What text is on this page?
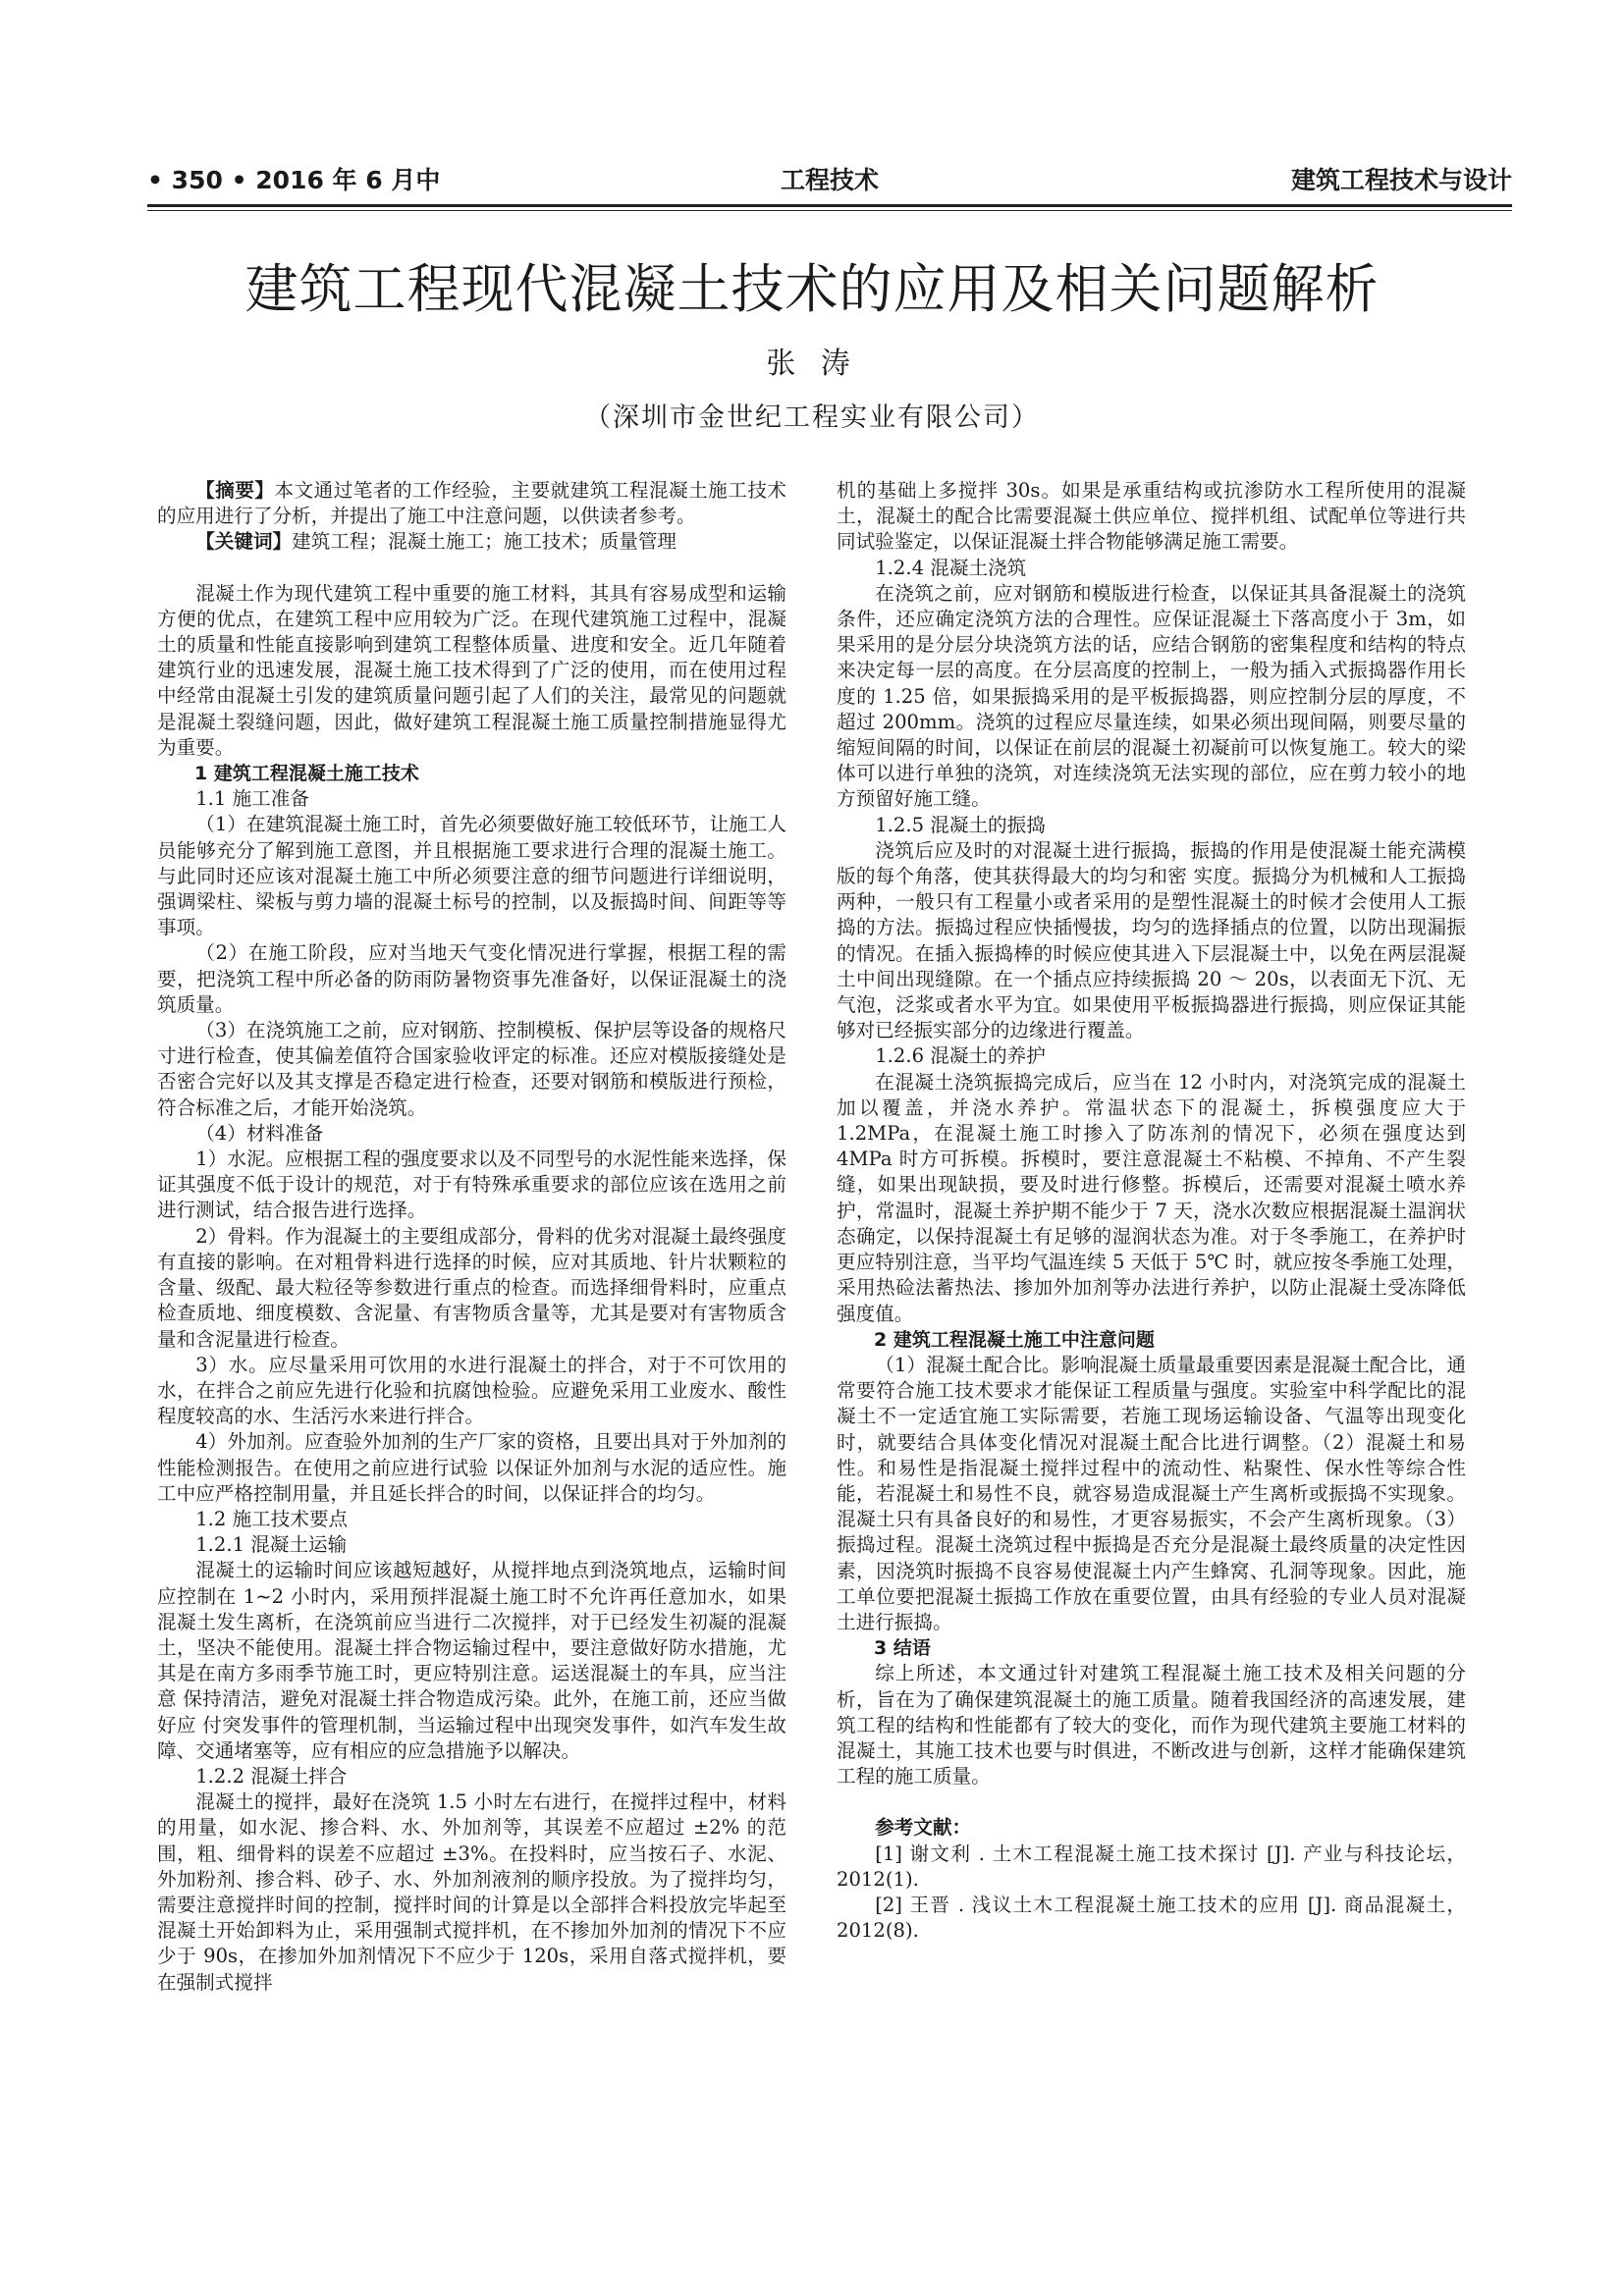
• 350 • 2016 年 6 月中	工程技术	建筑工程技术与设计
建筑工程现代混凝土技术的应用及相关问题解析
张 涛
（深圳市金世纪工程实业有限公司）

【摘要】本文通过笔者的工作经验，主要就建筑工程混凝土施工技术的应用进行了分析，并提出了施工中注意问题，以供读者参考。

【关键词】建筑工程；混凝土施工；施工技术；质量管理

混凝土作为现代建筑工程中重要的施工材料，其具有容易成型和运输方便的优点，在建筑工程中应用较为广泛。在现代建筑施工过程中，混凝土的质量和性能直接影响到建筑工程整体质量、进度和安全。近几年随着建筑行业的迅速发展，混凝土施工技术得到了广泛的使用，而在使用过程中经常由混凝土引发的建筑质量问题引起了人们的关注，最常见的问题就是混凝土裂缝问题，因此，做好建筑工程混凝土施工质量控制措施显得尤为重要。

1 建筑工程混凝土施工技术

1.1 施工准备

（1）在建筑混凝土施工时，首先必须要做好施工较低环节，让施工人员能够充分了解到施工意图，并且根据施工要求进行合理的混凝土施工。与此同时还应该对混凝土施工中所必须要注意的细节问题进行详细说明，强调梁柱、梁板与剪力墙的混凝土标号的控制，以及振捣时间、间距等等事项。

（2）在施工阶段，应对当地天气变化情况进行掌握，根据工程的需要，把浇筑工程中所必备的防雨防暑物资事先准备好，以保证混凝土的浇筑质量。

（3）在浇筑施工之前，应对钢筋、控制模板、保护层等设备的规格尺寸进行检查，使其偏差值符合国家验收评定的标准。还应对模版接缝处是否密合完好以及其支撑是否稳定进行检查，还要对钢筋和模版进行预检，符合标准之后，才能开始浇筑。

（4）材料准备

1）水泥。应根据工程的强度要求以及不同型号的水泥性能来选择，保证其强度不低于设计的规范，对于有特殊承重要求的部位应该在选用之前进行测试，结合报告进行选择。

2）骨料。作为混凝土的主要组成部分，骨料的优劣对混凝土最终强度有直接的影响。在对粗骨料进行选择的时候，应对其质地、针片状颗粒的含量、级配、最大粒径等参数进行重点的检查。而选择细骨料时，应重点检查质地、细度模数、含泥量、有害物质含量等，尤其是要对有害物质含量和含泥量进行检查。

3）水。应尽量采用可饮用的水进行混凝土的拌合，对于不可饮用的水，在拌合之前应先进行化验和抗腐蚀检验。应避免采用工业废水、酸性程度较高的水、生活污水来进行拌合。

4）外加剂。应查验外加剂的生产厂家的资格，且要出具对于外加剂的性能检测报告。在使用之前应进行试验 以保证外加剂与水泥的适应性。施工中应严格控制用量，并且延长拌合的时间，以保证拌合的均匀。

1.2 施工技术要点

1.2.1 混凝土运输

混凝土的运输时间应该越短越好，从搅拌地点到浇筑地点，运输时间应控制在 1~2 小时内，采用预拌混凝土施工时不允许再任意加水，如果混凝土发生离析，在浇筑前应当进行二次搅拌，对于已经发生初凝的混凝土，坚决不能使用。混凝土拌合物运输过程中，要注意做好防水措施，尤其是在南方多雨季节施工时，更应特别注意。运送混凝土的车具，应当注意 保持清洁，避免对混凝土拌合物造成污染。此外，在施工前，还应当做好应 付突发事件的管理机制，当运输过程中出现突发事件，如汽车发生故障、交通堵塞等，应有相应的应急措施予以解决。

1.2.2 混凝土拌合

混凝土的搅拌，最好在浇筑 1.5 小时左右进行，在搅拌过程中，材料的用量，如水泥、掺合料、水、外加剂等，其误差不应超过 ±2% 的范围，粗、细骨料的误差不应超过 ±3%。在投料时，应当按石子、水泥、外加粉剂、掺合料、砂子、水、外加剂液剂的顺序投放。为了搅拌均匀，需要注意搅拌时间的控制，搅拌时间的计算是以全部拌合料投放完毕起至混凝土开始卸料为止，采用强制式搅拌机，在不掺加外加剂的情况下不应少于 90s，在掺加外加剂情况下不应少于 120s，采用自落式搅拌机，要在强制式搅拌

机的基础上多搅拌 30s。如果是承重结构或抗渗防水工程所使用的混凝土，混凝土的配合比需要混凝土供应单位、搅拌机组、试配单位等进行共同试验鉴定，以保证混凝土拌合物能够满足施工需要。

1.2.4 混凝土浇筑

在浇筑之前，应对钢筋和模版进行检查，以保证其具备混凝土的浇筑条件，还应确定浇筑方法的合理性。应保证混凝土下落高度小于 3m，如果采用的是分层分块浇筑方法的话，应结合钢筋的密集程度和结构的特点来决定每一层的高度。在分层高度的控制上，一般为插入式振捣器作用长度的 1.25 倍，如果振捣采用的是平板振捣器，则应控制分层的厚度，不超过 200mm。浇筑的过程应尽量连续，如果必须出现间隔，则要尽量的缩短间隔的时间，以保证在前层的混凝土初凝前可以恢复施工。较大的梁体可以进行单独的浇筑，对连续浇筑无法实现的部位，应在剪力较小的地方预留好施工缝。

1.2.5 混凝土的振捣

浇筑后应及时的对混凝土进行振捣，振捣的作用是使混凝土能充满模版的每个角落，使其获得最大的均匀和密 实度。振捣分为机械和人工振捣两种，一般只有工程量小或者采用的是塑性混凝土的时候才会使用人工振捣的方法。振捣过程应快插慢拔，均匀的选择插点的位置，以防出现漏振的情况。在插入振捣棒的时候应使其进入下层混凝土中，以免在两层混凝土中间出现缝隙。在一个插点应持续振捣 20 ～ 20s，以表面无下沉、无气泡，泛浆或者水平为宜。如果使用平板振捣器进行振捣，则应保证其能够对已经振实部分的边缘进行覆盖。

1.2.6 混凝土的养护

在混凝土浇筑振捣完成后，应当在 12 小时内，对浇筑完成的混凝土加以覆盖，并浇水养护。常温状态下的混凝土，拆模强度应大于 1.2MPa，在混凝土施工时掺入了防冻剂的情况下，必须在强度达到 4MPa 时方可拆模。拆模时，要注意混凝土不粘模、不掉角、不产生裂缝，如果出现缺损，要及时进行修整。拆模后，还需要对混凝土喷水养护，常温时，混凝土养护期不能少于 7 天，浇水次数应根据混凝土温润状态确定，以保持混凝土有足够的湿润状态为准。对于冬季施工，在养护时更应特别注意，当平均气温连续 5 天低于 5℃ 时，就应按冬季施工处理，采用热硷法蓄热法、掺加外加剂等办法进行养护，以防止混凝土受冻降低强度值。

2 建筑工程混凝土施工中注意问题

（1）混凝土配合比。影响混凝土质量最重要因素是混凝土配合比，通常要符合施工技术要求才能保证工程质量与强度。实验室中科学配比的混凝土不一定适宜施工实际需要，若施工现场运输设备、气温等出现变化时，就要结合具体变化情况对混凝土配合比进行调整。（2）混凝土和易性。和易性是指混凝土搅拌过程中的流动性、粘聚性、保水性等综合性能，若混凝土和易性不良，就容易造成混凝土产生离析或振捣不实现象。混凝土只有具备良好的和易性，才更容易振实，不会产生离析现象。（3）振捣过程。混凝土浇筑过程中振捣是否充分是混凝土最终质量的决定性因素，因浇筑时振捣不良容易使混凝土内产生蜂窝、孔洞等现象。因此，施工单位要把混凝土振捣工作放在重要位置，由具有经验的专业人员对混凝土进行振捣。

3 结语

综上所述，本文通过针对建筑工程混凝土施工技术及相关问题的分析，旨在为了确保建筑混凝土的施工质量。随着我国经济的高速发展，建筑工程的结构和性能都有了较大的变化，而作为现代建筑主要施工材料的混凝土，其施工技术也要与时俱进，不断改进与创新，这样才能确保建筑工程的施工质量。

参考文献：

[1] 谢文利 . 土木工程混凝土施工技术探讨 [J]. 产业与科技论坛，2012(1).

[2] 王晋 . 浅议土木工程混凝土施工技术的应用 [J]. 商品混凝土，2012(8).
